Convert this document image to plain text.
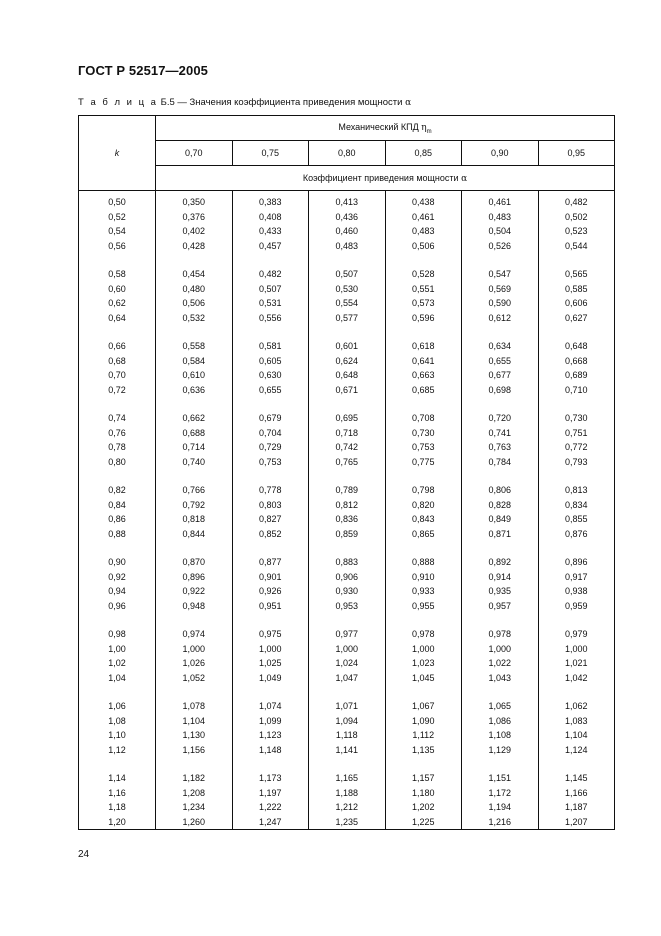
ГОСТ Р 52517—2005
Т а б л и ц а Б.5 — Значения коэффициента приведения мощности α
k	Механический КПД $\eta_m$
	0,70	0,75	0,80	0,85	0,90	0,95
	Коэффициент приведения мощности α					
0,50	0,350	0,383	0,413	0,438	0,461	0,482
0,52	0,376	0,408	0,436	0,461	0,483	0,502
0,54	0,402	0,433	0,460	0,483	0,504	0,523
0,56	0,428	0,457	0,483	0,506	0,526	0,544

0,58	0,454	0,482	0,507	0,528	0,547	0,565
0,60	0,480	0,507	0,530	0,551	0,569	0,585
0,62	0,506	0,531	0,554	0,573	0,590	0,606
0,64	0,532	0,556	0,577	0,596	0,612	0,627

0,66	0,558	0,581	0,601	0,618	0,634	0,648
0,68	0,584	0,605	0,624	0,641	0,655	0,668
0,70	0,610	0,630	0,648	0,663	0,677	0,689
0,72	0,636	0,655	0,671	0,685	0,698	0,710

0,74	0,662	0,679	0,695	0,708	0,720	0,730
0,76	0,688	0,704	0,718	0,730	0,741	0,751
0,78	0,714	0,729	0,742	0,753	0,763	0,772
0,80	0,740	0,753	0,765	0,775	0,784	0,793

0,82	0,766	0,778	0,789	0,798	0,806	0,813
0,84	0,792	0,803	0,812	0,820	0,828	0,834
0,86	0,818	0,827	0,836	0,843	0,849	0,855
0,88	0,844	0,852	0,859	0,865	0,871	0,876

0,90	0,870	0,877	0,883	0,888	0,892	0,896
0,92	0,896	0,901	0,906	0,910	0,914	0,917
0,94	0,922	0,926	0,930	0,933	0,935	0,938
0,96	0,948	0,951	0,953	0,955	0,957	0,959

0,98	0,974	0,975	0,977	0,978	0,978	0,979
1,00	1,000	1,000	1,000	1,000	1,000	1,000
1,02	1,026	1,025	1,024	1,023	1,022	1,021
1,04	1,052	1,049	1,047	1,045	1,043	1,042

1,06	1,078	1,074	1,071	1,067	1,065	1,062
1,08	1,104	1,099	1,094	1,090	1,086	1,083
1,10	1,130	1,123	1,118	1,112	1,108	1,104
1,12	1,156	1,148	1,141	1,135	1,129	1,124

1,14	1,182	1,173	1,165	1,157	1,151	1,145
1,16	1,208	1,197	1,188	1,180	1,172	1,166
1,18	1,234	1,222	1,212	1,202	1,194	1,187
1,20	1,260	1,247	1,235	1,225	1,216	1,207
24
